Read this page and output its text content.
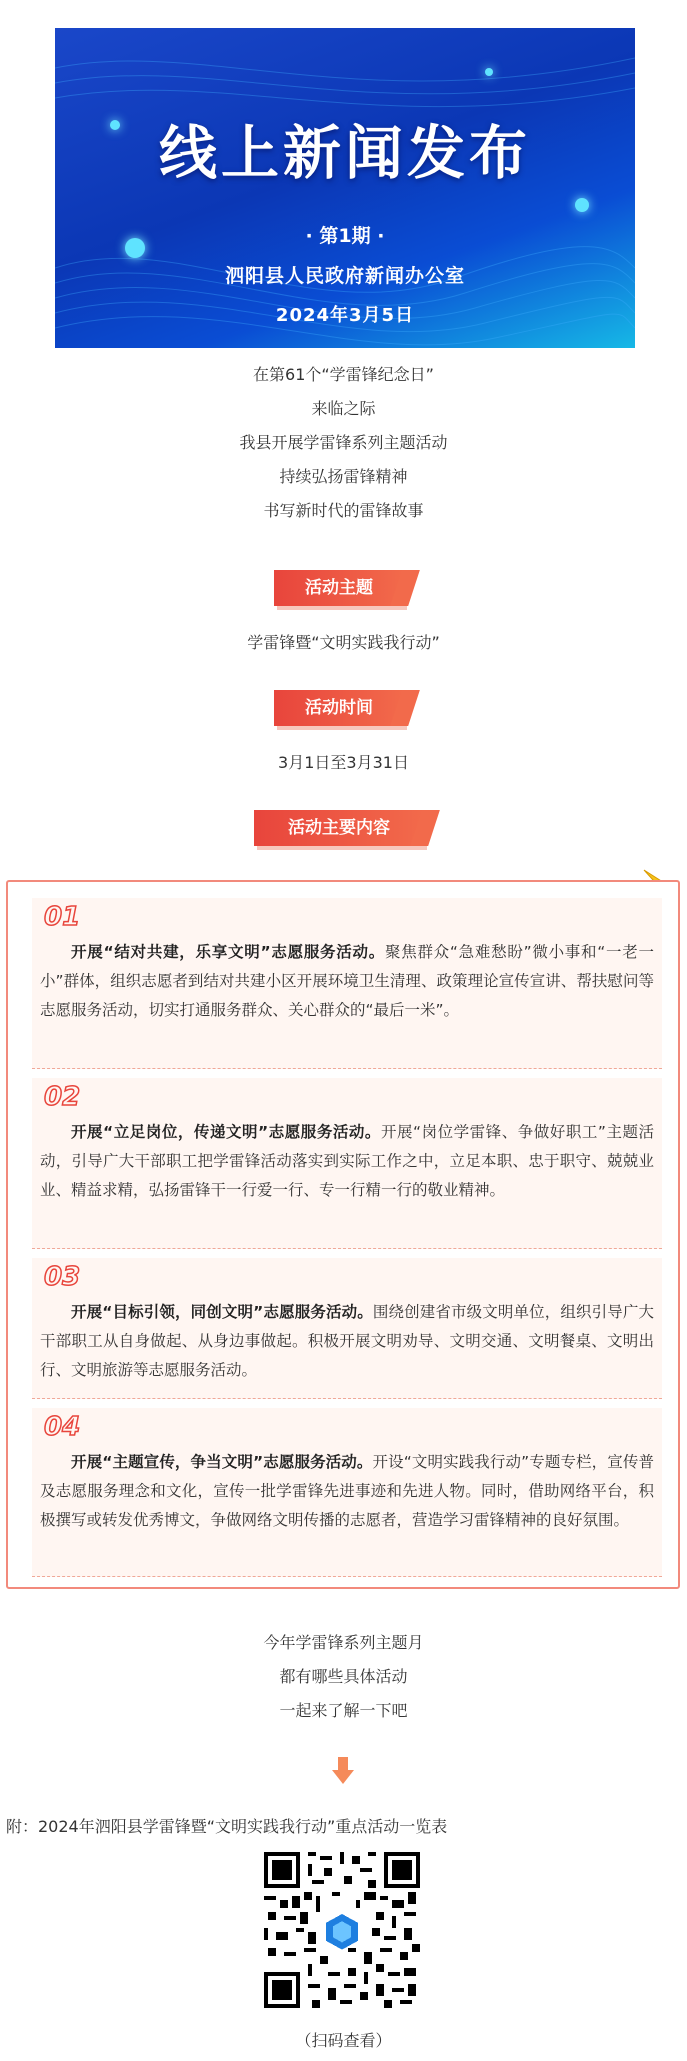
线上新闻发布
· 第1期 ·
泗阳县人民政府新闻办公室
2024年3月5日
在第61个“学雷锋纪念日”
来临之际
我县开展学雷锋系列主题活动
持续弘扬雷锋精神
书写新时代的雷锋故事
活动主题
学雷锋暨“文明实践我行动”
活动时间
3月1日至3月31日
活动主要内容
01
开展“结对共建，乐享文明”志愿服务活动。聚焦群众“急难愁盼”微小事和“一老一小”群体，组织志愿者到结对共建小区开展环境卫生清理、政策理论宣传宣讲、帮扶慰问等志愿服务活动，切实打通服务群众、关心群众的“最后一米”。
02
开展“立足岗位，传递文明”志愿服务活动。开展“岗位学雷锋、争做好职工”主题活动，引导广大干部职工把学雷锋活动落实到实际工作之中，立足本职、忠于职守、兢兢业业、精益求精，弘扬雷锋干一行爱一行、专一行精一行的敬业精神。
03
开展“目标引领，同创文明”志愿服务活动。围绕创建省市级文明单位，组织引导广大干部职工从自身做起、从身边事做起。积极开展文明劝导、文明交通、文明餐桌、文明出行、文明旅游等志愿服务活动。
04
开展“主题宣传，争当文明”志愿服务活动。开设“文明实践我行动”专题专栏，宣传普及志愿服务理念和文化，宣传一批学雷锋先进事迹和先进人物。同时，借助网络平台，积极撰写或转发优秀博文，争做网络文明传播的志愿者，营造学习雷锋精神的良好氛围。
今年学雷锋系列主题月
都有哪些具体活动
一起来了解一下吧
附：2024年泗阳县学雷锋暨“文明实践我行动”重点活动一览表
（扫码查看）
